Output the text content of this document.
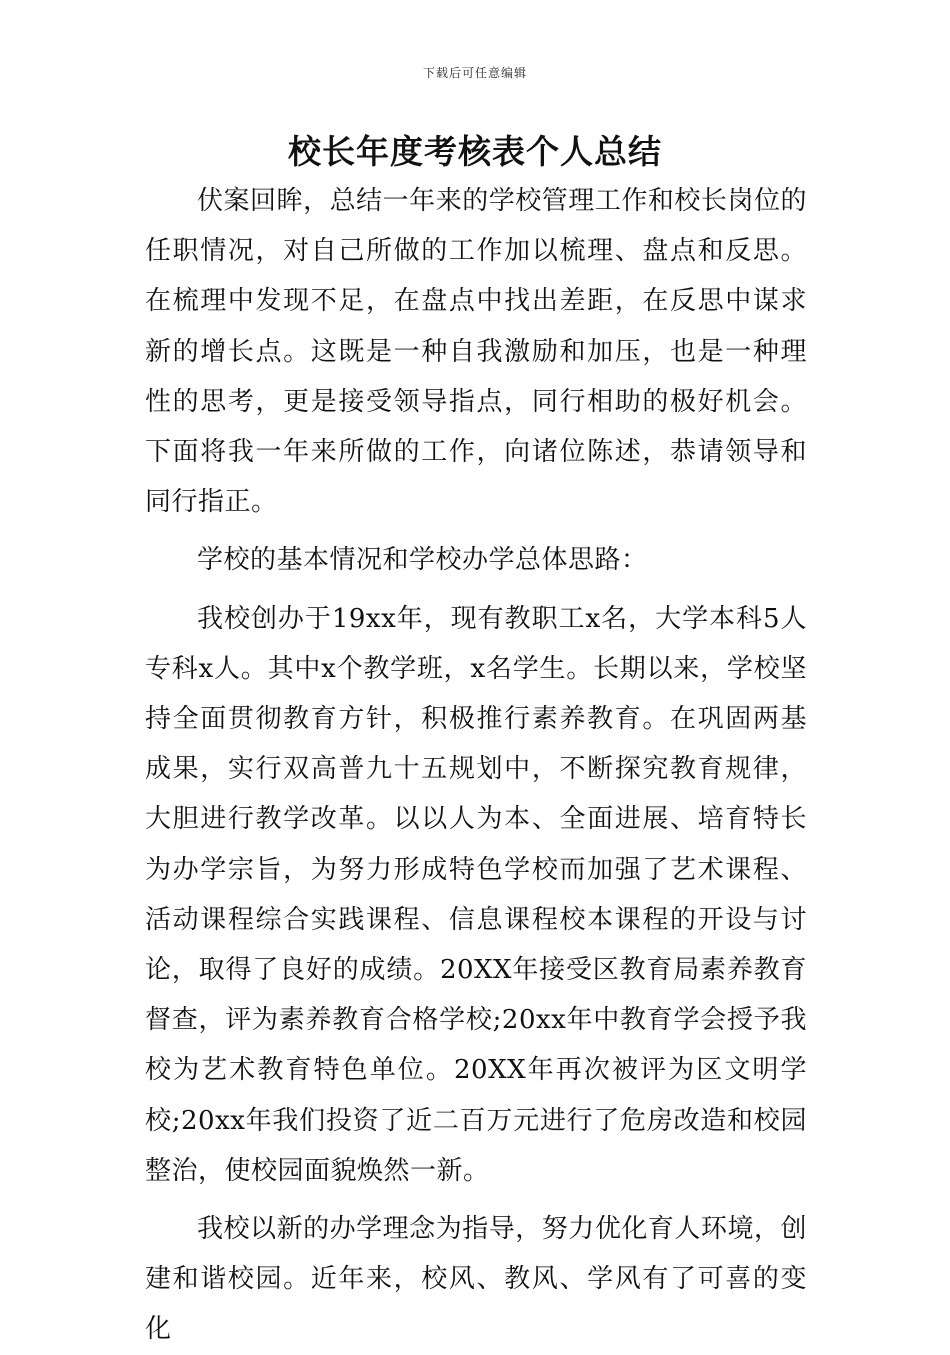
下载后可任意编辑
校长年度考核表个人总结

伏案回眸，总结一年来的学校管理工作和校长岗位的任职情况，对自己所做的工作加以梳理、盘点和反思。在梳理中发现不足，在盘点中找出差距，在反思中谋求新的增长点。这既是一种自我激励和加压，也是一种理性的思考，更是接受领导指点，同行相助的极好机会。下面将我一年来所做的工作，向诸位陈述，恭请领导和同行指正。

学校的基本情况和学校办学总体思路：

我校创办于19xx年，现有教职工x名，大学本科5人专科x人。其中x个教学班，x名学生。长期以来，学校坚持全面贯彻教育方针，积极推行素养教育。在巩固两基成果，实行双高普九十五规划中，不断探究教育规律，大胆进行教学改革。以以人为本、全面进展、培育特长为办学宗旨，为努力形成特色学校而加强了艺术课程、活动课程综合实践课程、信息课程校本课程的开设与讨论，取得了良好的成绩。20XX年接受区教育局素养教育督查，评为素养教育合格学校;20xx年中教育学会授予我校为艺术教育特色单位。20XX年再次被评为区文明学校;20xx年我们投资了近二百万元进行了危房改造和校园整治，使校园面貌焕然一新。

我校以新的办学理念为指导，努力优化育人环境，创建和谐校园。近年来，校风、教风、学风有了可喜的变化
